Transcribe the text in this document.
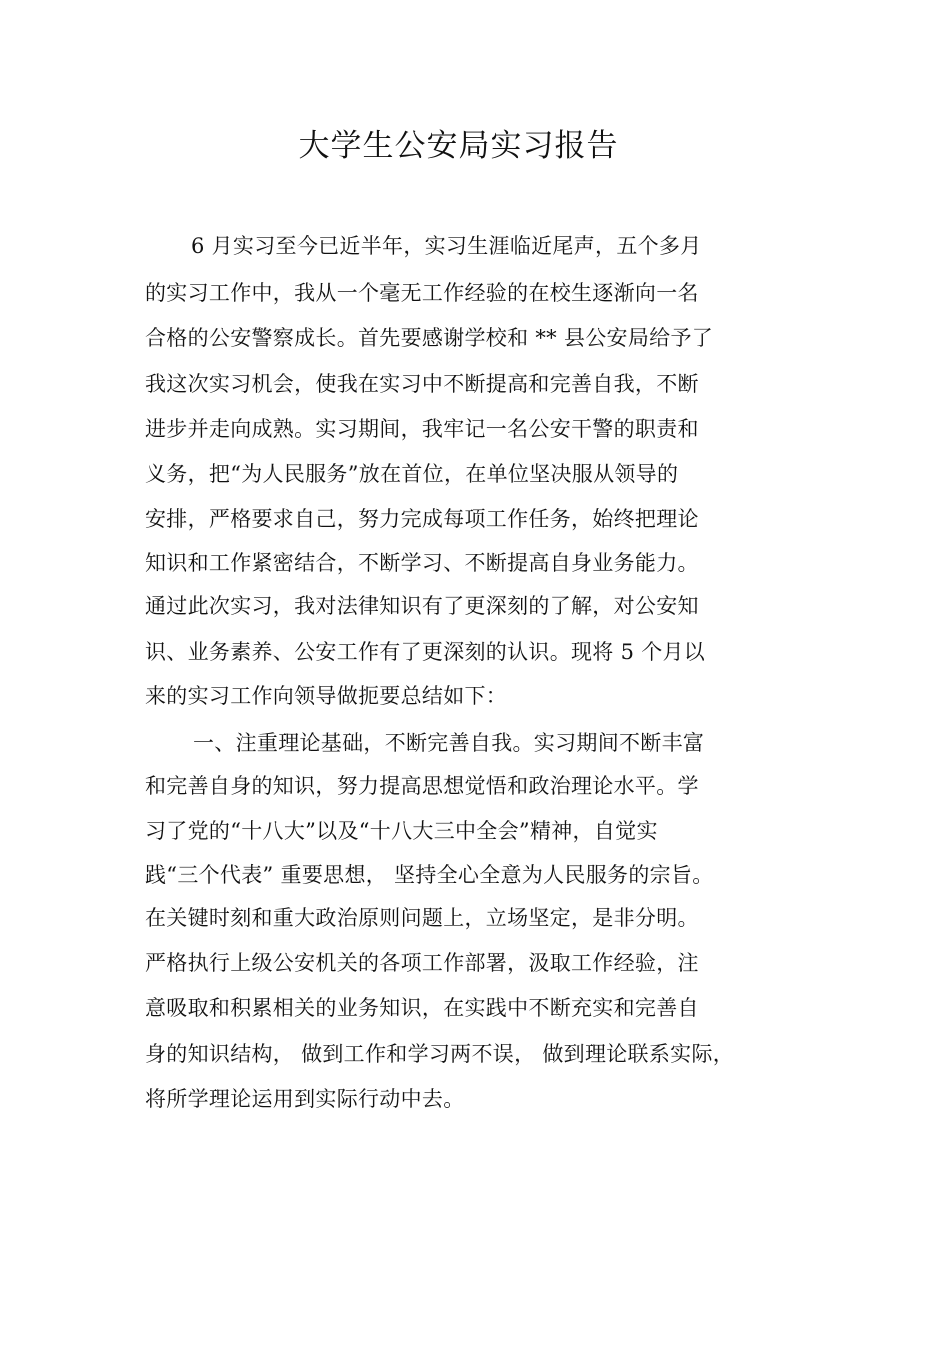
大学生公安局实习报告
6 月实习至今已近半年，实习生涯临近尾声，五个多月
的实习工作中，我从一个毫无工作经验的在校生逐渐向一名
合格的公安警察成长。首先要感谢学校和 ** 县公安局给予了
我这次实习机会，使我在实习中不断提高和完善自我，不断
进步并走向成熟。实习期间，我牢记一名公安干警的职责和
义务，把“为人民服务”放在首位，在单位坚决服从领导的
安排，严格要求自己，努力完成每项工作任务，始终把理论
知识和工作紧密结合，不断学习、不断提高自身业务能力。
通过此次实习，我对法律知识有了更深刻的了解，对公安知
识、业务素养、公安工作有了更深刻的认识。现将 5 个月以
来的实习工作向领导做扼要总结如下：
一、注重理论基础，不断完善自我。实习期间不断丰富
和完善自身的知识，努力提高思想觉悟和政治理论水平。学
习了党的“十八大”以及“十八大三中全会”精神，自觉实
践“三个代表” 重要思想， 坚持全心全意为人民服务的宗旨。
在关键时刻和重大政治原则问题上，立场坚定，是非分明。
严格执行上级公安机关的各项工作部署，汲取工作经验，注
意吸取和积累相关的业务知识，在实践中不断充实和完善自
身的知识结构， 做到工作和学习两不误， 做到理论联系实际，
将所学理论运用到实际行动中去。
